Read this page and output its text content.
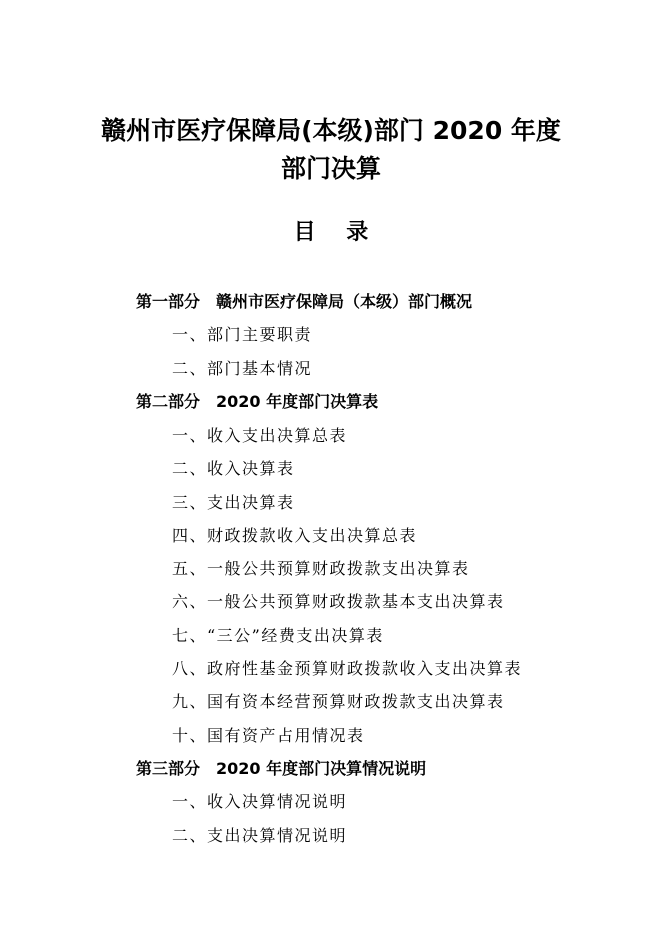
赣州市医疗保障局(本级)部门 2020 年度
部门决算
目    录
第一部分 赣州市医疗保障局（本级）部门概况
一、部门主要职责
二、部门基本情况
第二部分 2020 年度部门决算表
一、收入支出决算总表
二、收入决算表
三、支出决算表
四、财政拨款收入支出决算总表
五、一般公共预算财政拨款支出决算表
六、一般公共预算财政拨款基本支出决算表
七、“三公”经费支出决算表
八、政府性基金预算财政拨款收入支出决算表
九、国有资本经营预算财政拨款支出决算表
十、国有资产占用情况表
第三部分 2020 年度部门决算情况说明
一、收入决算情况说明
二、支出决算情况说明
